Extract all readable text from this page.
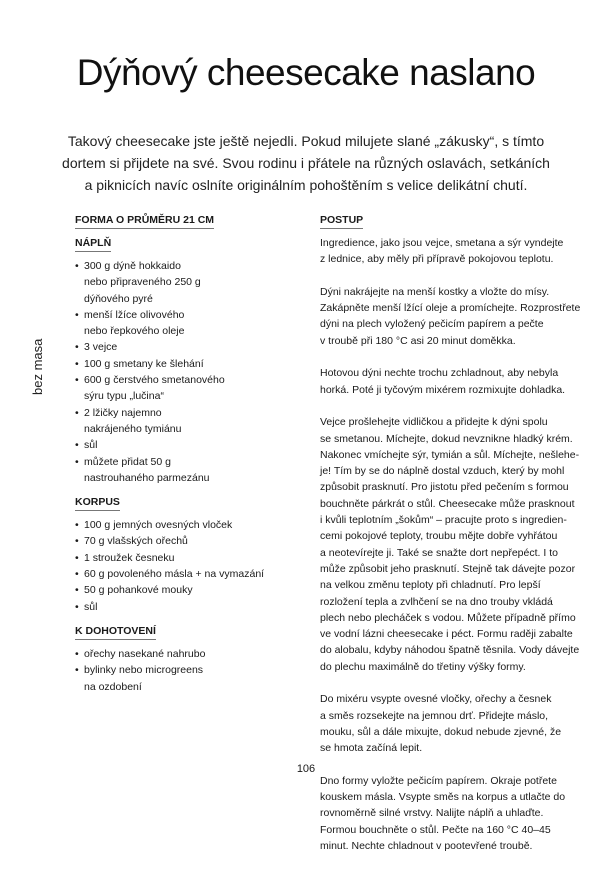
Dýňový cheesecake naslano
Takový cheesecake jste ještě nejedli. Pokud milujete slané „zákusky“, s tímto
dortem si přijdete na své. Svou rodinu i přátele na různých oslavách, setkáních
a piknicích navíc oslníte originálním pohoštěním s velice delikátní chutí.
bez masa
FORMA O PRŮMĚRU 21 CM
NÁPLŇ
• 300 g dýně hokkaido
nebo připraveného 250 g
dýňového pyré
• menší lžíce olivového
nebo řepkového oleje
• 3 vejce
• 100 g smetany ke šlehání
• 600 g čerstvého smetanového
sýru typu „lučina“
• 2 lžičky najemno
nakrájeného tymiánu
• sůl
• můžete přidat 50 g
nastrouhaného parmezánu
KORPUS
• 100 g jemných ovesných vloček
• 70 g vlašských ořechů
• 1 stroužek česneku
• 60 g povoleného másla + na vymazání
• 50 g pohankové mouky
• sůl
K DOHOTOVENÍ
• ořechy nasekané nahrubo
• bylinky nebo microgreens
na ozdobení
POSTUP
Ingredience, jako jsou vejce, smetana a sýr vyndejte
z lednice, aby měly při přípravě pokojovou teplotu.
Dýni nakrájejte na menší kostky a vložte do mísy.
Zakápněte menší lžící oleje a promíchejte. Rozprostřete
dýni na plech vyložený pečicím papírem a pečte
v troubě při 180 °C asi 20 minut doměkka.
Hotovou dýni nechte trochu zchladnout, aby nebyla
horká. Poté ji tyčovým mixérem rozmixujte dohladka.
Vejce prošlehejte vidličkou a přidejte k dýni spolu
se smetanou. Míchejte, dokud nevznikne hladký krém.
Nakonec vmíchejte sýr, tymián a sůl. Míchejte, nešlehe-
je! Tím by se do náplně dostal vzduch, který by mohl
způsobit prasknutí. Pro jistotu před pečením s formou
bouchněte párkrát o stůl. Cheesecake může prasknout
i kvůli teplotním „šokům“ – pracujte proto s ingredien-
cemi pokojové teploty, troubu mějte dobře vyhřátou
a neotevírejte ji. Také se snažte dort nepřepéct. I to
může způsobit jeho prasknutí. Stejně tak dávejte pozor
na velkou změnu teploty při chladnutí. Pro lepší
rozložení tepla a zvlhčení se na dno trouby vkládá
plech nebo plecháček s vodou. Můžete případně přímo
ve vodní lázni cheesecake i péct. Formu raději zabalte
do alobalu, kdyby náhodou špatně těsnila. Vody dávejte
do plechu maximálně do třetiny výšky formy.
Do mixéru vsypte ovesné vločky, ořechy a česnek
a směs rozsekejte na jemnou drť. Přidejte máslo,
mouku, sůl a dále mixujte, dokud nebude zjevné, že
se hmota začíná lepit.
Dno formy vyložte pečicím papírem. Okraje potřete
kouskem másla. Vsypte směs na korpus a utlačte do
rovnoměrně silné vrstvy. Nalijte náplň a uhlaďte.
Formou bouchněte o stůl. Pečte na 160 °C 40–45
minut. Nechte chladnout v pootevřené troubě.
106
